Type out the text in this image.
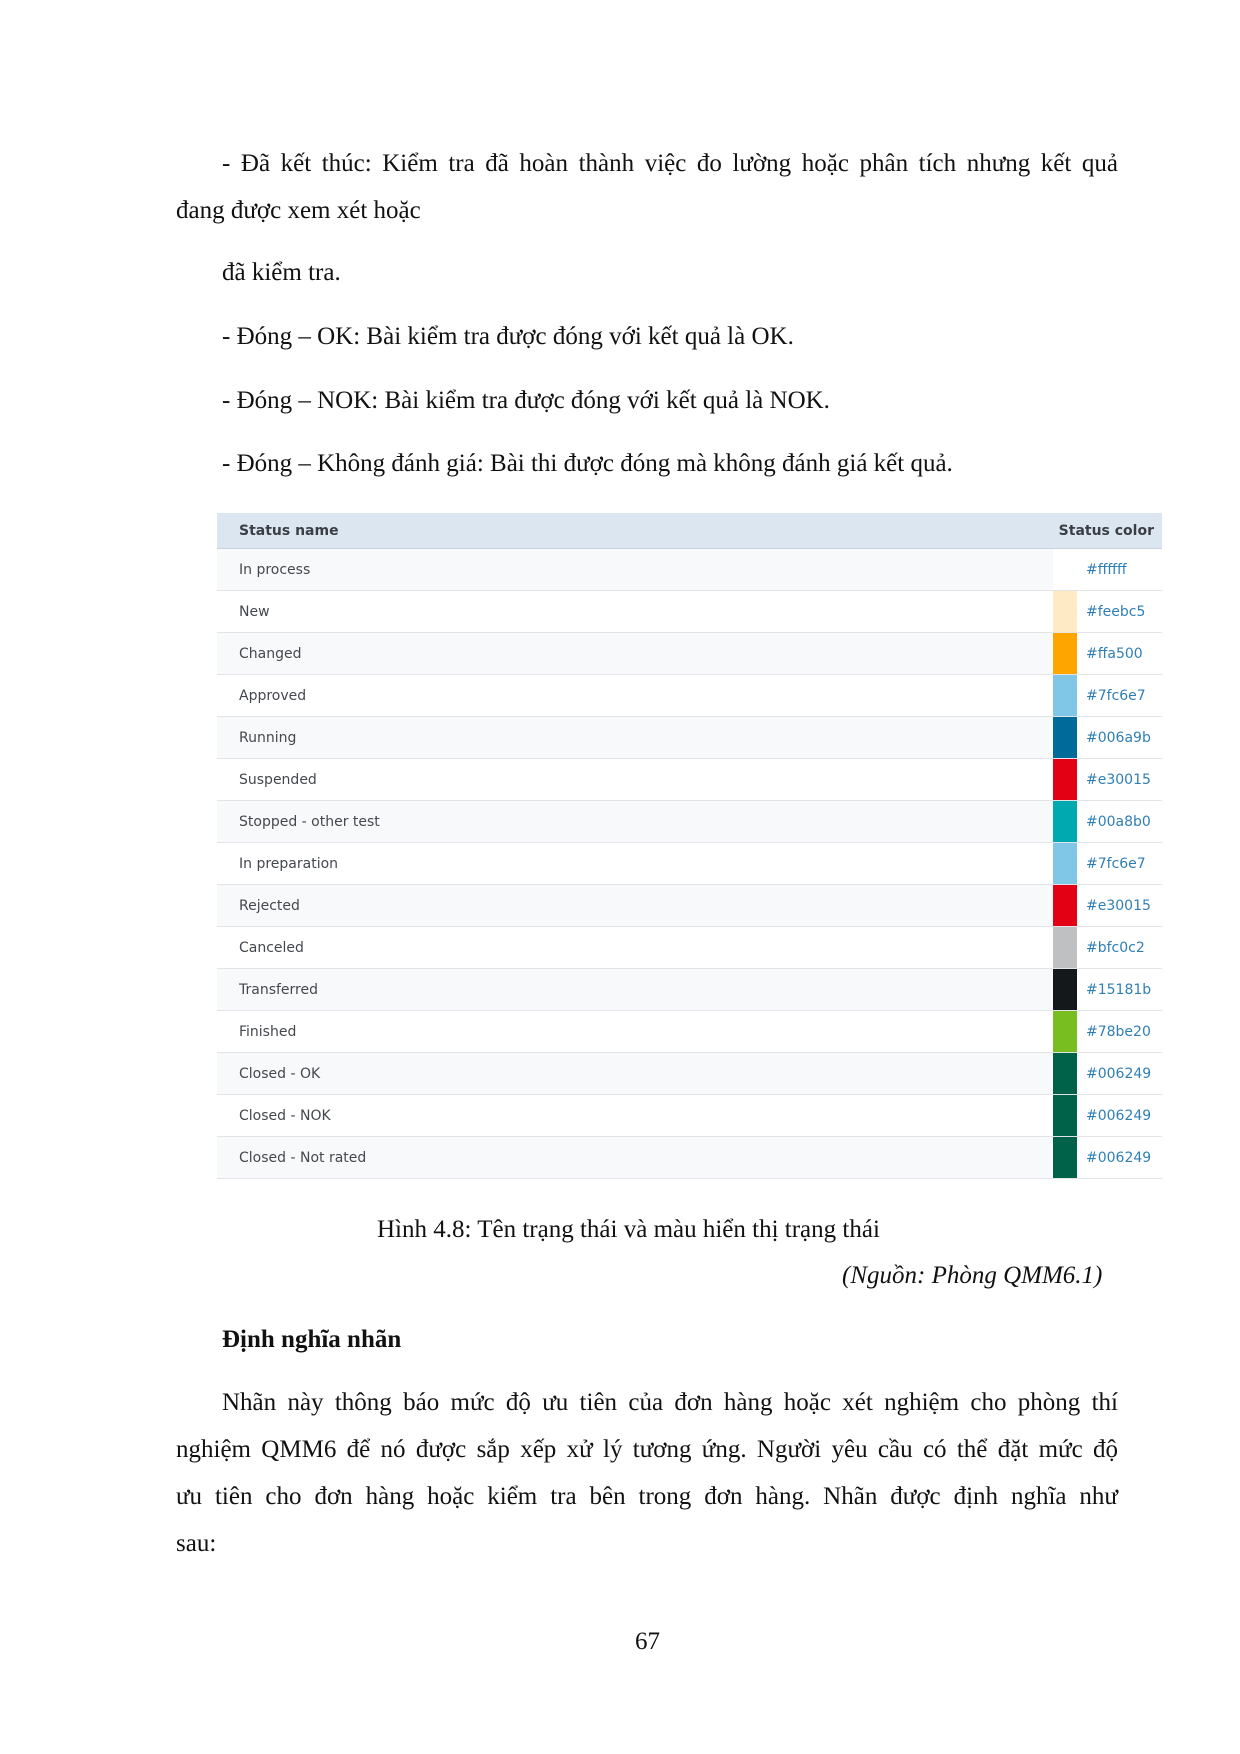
- Đã kết thúc: Kiểm tra đã hoàn thành việc đo lường hoặc phân tích nhưng kết quả
đang được xem xét hoặc
đã kiểm tra.
- Đóng – OK: Bài kiểm tra được đóng với kết quả là OK.
- Đóng – NOK: Bài kiểm tra được đóng với kết quả là NOK.
- Đóng – Không đánh giá: Bài thi được đóng mà không đánh giá kết quả.
Status name	Status color
In process	#ffffff
New	#feebc5
Changed	#ffa500
Approved	#7fc6e7
Running	#006a9b
Suspended	#e30015
Stopped - other test	#00a8b0
In preparation	#7fc6e7
Rejected	#e30015
Canceled	#bfc0c2
Transferred	#15181b
Finished	#78be20
Closed - OK	#006249
Closed - NOK	#006249
Closed - Not rated	#006249
Hình 4.8: Tên trạng thái và màu hiển thị trạng thái
(Nguồn: Phòng QMM6.1)
Định nghĩa nhãn
Nhãn này thông báo mức độ ưu tiên của đơn hàng hoặc xét nghiệm cho phòng thí
nghiệm QMM6 để nó được sắp xếp xử lý tương ứng. Người yêu cầu có thể đặt mức độ
ưu tiên cho đơn hàng hoặc kiểm tra bên trong đơn hàng. Nhãn được định nghĩa như
sau:
67
